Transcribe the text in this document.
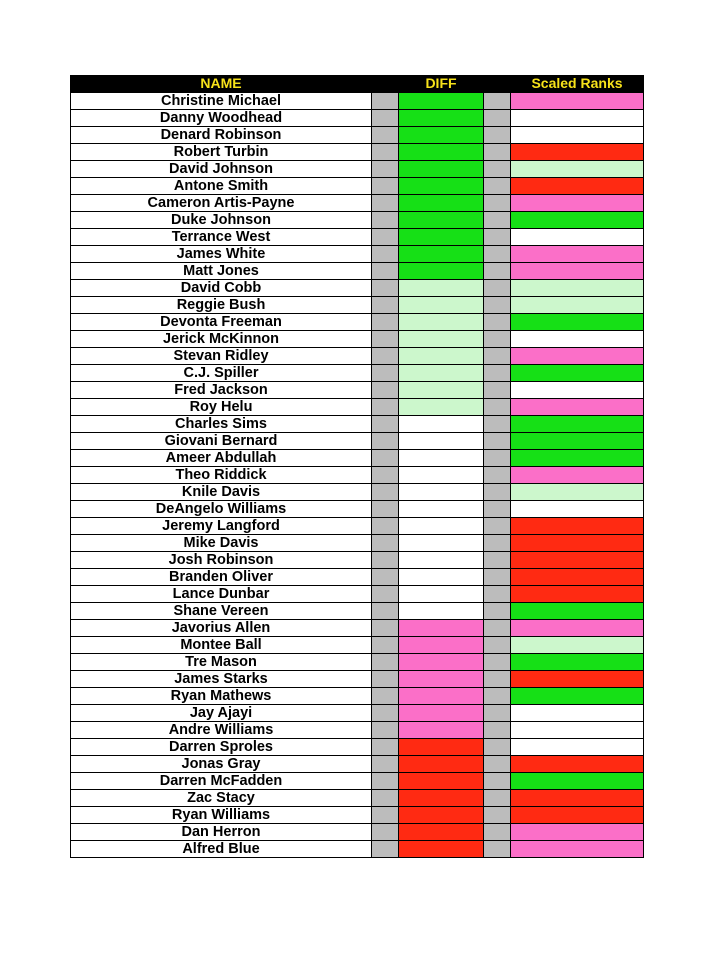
NAME		DIFF		Scaled Ranks
Christine Michael				
Danny Woodhead				
Denard Robinson				
Robert Turbin				
David Johnson				
Antone Smith				
Cameron Artis-Payne				
Duke Johnson				
Terrance West				
James White				
Matt Jones				
David Cobb				
Reggie Bush				
Devonta Freeman				
Jerick McKinnon				
Stevan Ridley				
C.J. Spiller				
Fred Jackson				
Roy Helu				
Charles Sims				
Giovani Bernard				
Ameer Abdullah				
Theo Riddick				
Knile Davis				
DeAngelo Williams				
Jeremy Langford				
Mike Davis				
Josh Robinson				
Branden Oliver				
Lance Dunbar				
Shane Vereen				
Javorius Allen				
Montee Ball				
Tre Mason				
James Starks				
Ryan Mathews				
Jay Ajayi				
Andre Williams				
Darren Sproles				
Jonas Gray				
Darren McFadden				
Zac Stacy				
Ryan Williams				
Dan Herron				
Alfred Blue				
